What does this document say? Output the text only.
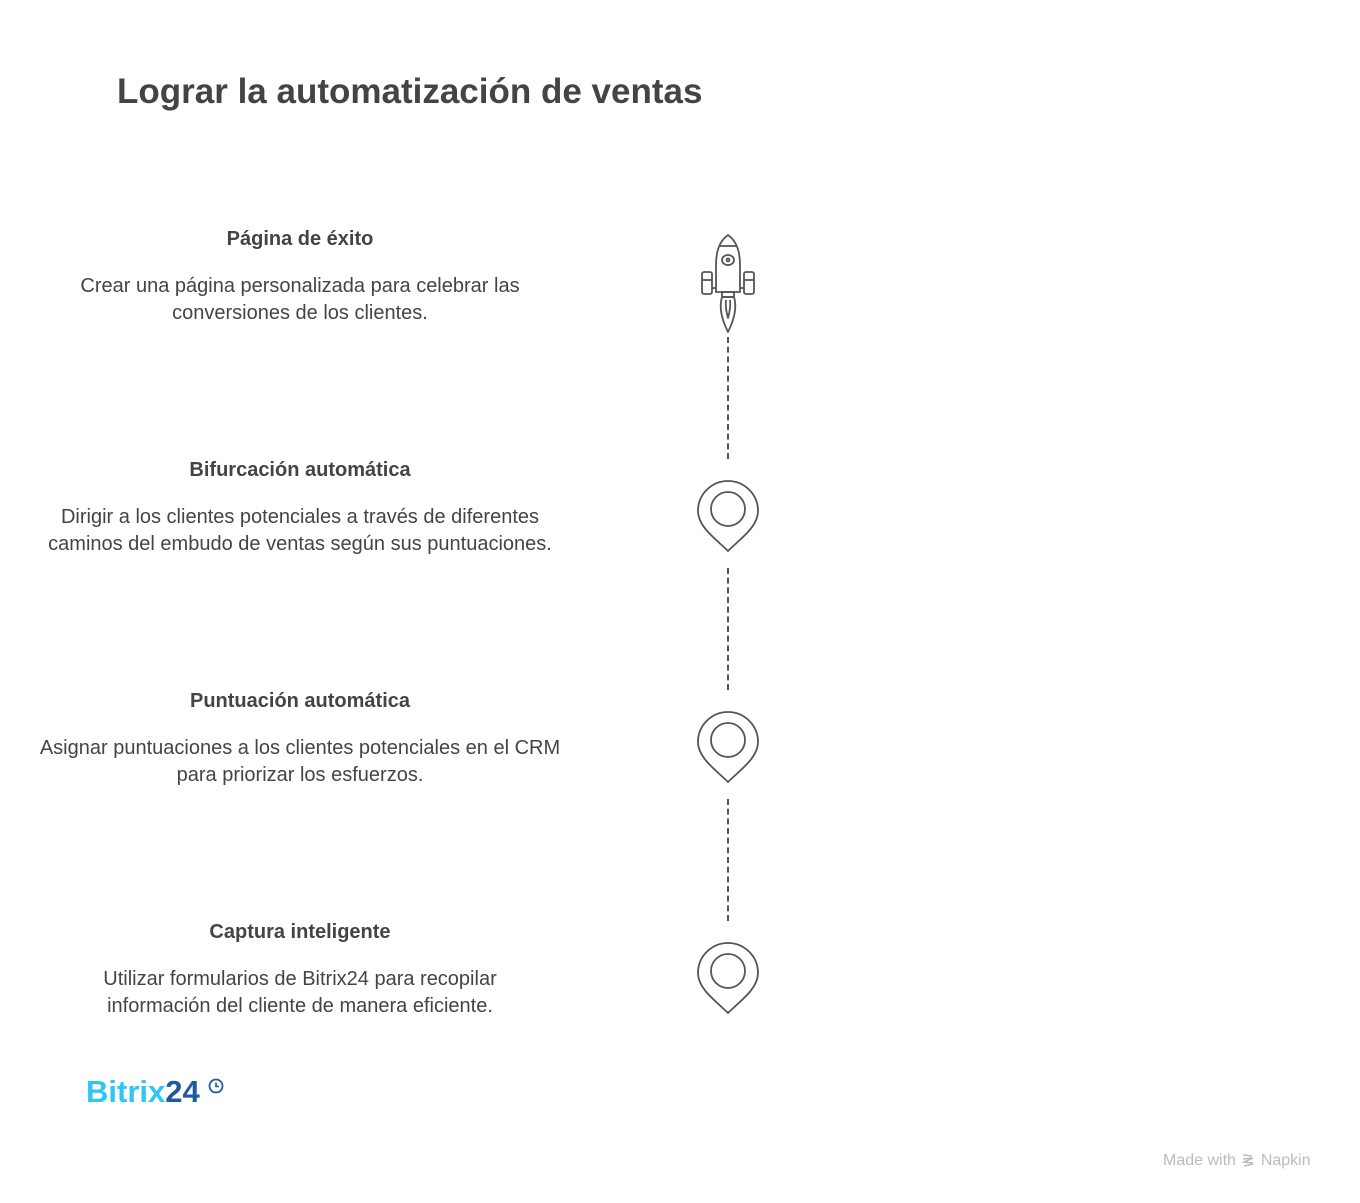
Lograr la automatización de ventas
Página de éxito

Crear una página personalizada para celebrar las conversiones de los clientes.

Bifurcación automática

Dirigir a los clientes potenciales a través de diferentes caminos del embudo de ventas según sus puntuaciones.

Puntuación automática

Asignar puntuaciones a los clientes potenciales en el CRM para priorizar los esfuerzos.

Captura inteligente

Utilizar formularios de Bitrix24 para recopilar información del cliente de manera eficiente.

Bitrix24
Made with Napkin
